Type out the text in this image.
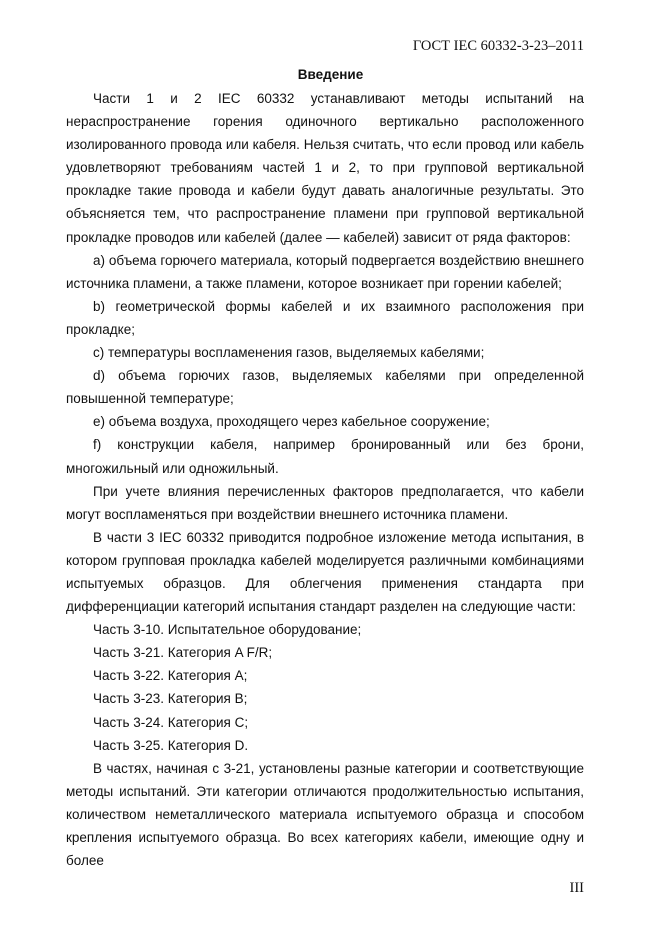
ГОСТ IEC 60332-3-23–2011
Введение

Части 1 и 2 IEC 60332 устанавливают методы испытаний на нераспространение горения одиночного вертикально расположенного изолированного провода или кабеля. Нельзя считать, что если провод или кабель удовлетворяют требованиям частей 1 и 2, то при групповой вертикальной прокладке такие провода и кабели будут давать аналогичные результаты. Это объясняется тем, что распространение пламени при групповой вертикальной прокладке проводов или кабелей (далее — кабелей) зависит от ряда факторов:

a) объема горючего материала, который подвергается воздействию внешнего источника пламени, а также пламени, которое возникает при горении кабелей;

b) геометрической формы кабелей и их взаимного расположения при прокладке;

c) температуры воспламенения газов, выделяемых кабелями;

d) объема горючих газов, выделяемых кабелями при определенной повышенной температуре;

e) объема воздуха, проходящего через кабельное сооружение;

f) конструкции кабеля, например бронированный или без брони, многожильный или одножильный.

При учете влияния перечисленных факторов предполагается, что кабели могут воспламеняться при воздействии внешнего источника пламени.

В части 3 IEC 60332 приводится подробное изложение метода испытания, в котором групповая прокладка кабелей моделируется различными комбинациями испытуемых образцов. Для облегчения применения стандарта при дифференциации категорий испытания стандарт разделен на следующие части:

Часть 3-10. Испытательное оборудование;

Часть 3-21. Категория A F/R;

Часть 3-22. Категория A;

Часть 3-23. Категория B;

Часть 3-24. Категория C;

Часть 3-25. Категория D.

В частях, начиная с 3-21, установлены разные категории и соответствующие методы испытаний. Эти категории отличаются продолжительностью испытания, количеством неметаллического материала испытуемого образца и способом крепления испытуемого образца. Во всех категориях кабели, имеющие одну и более

III
